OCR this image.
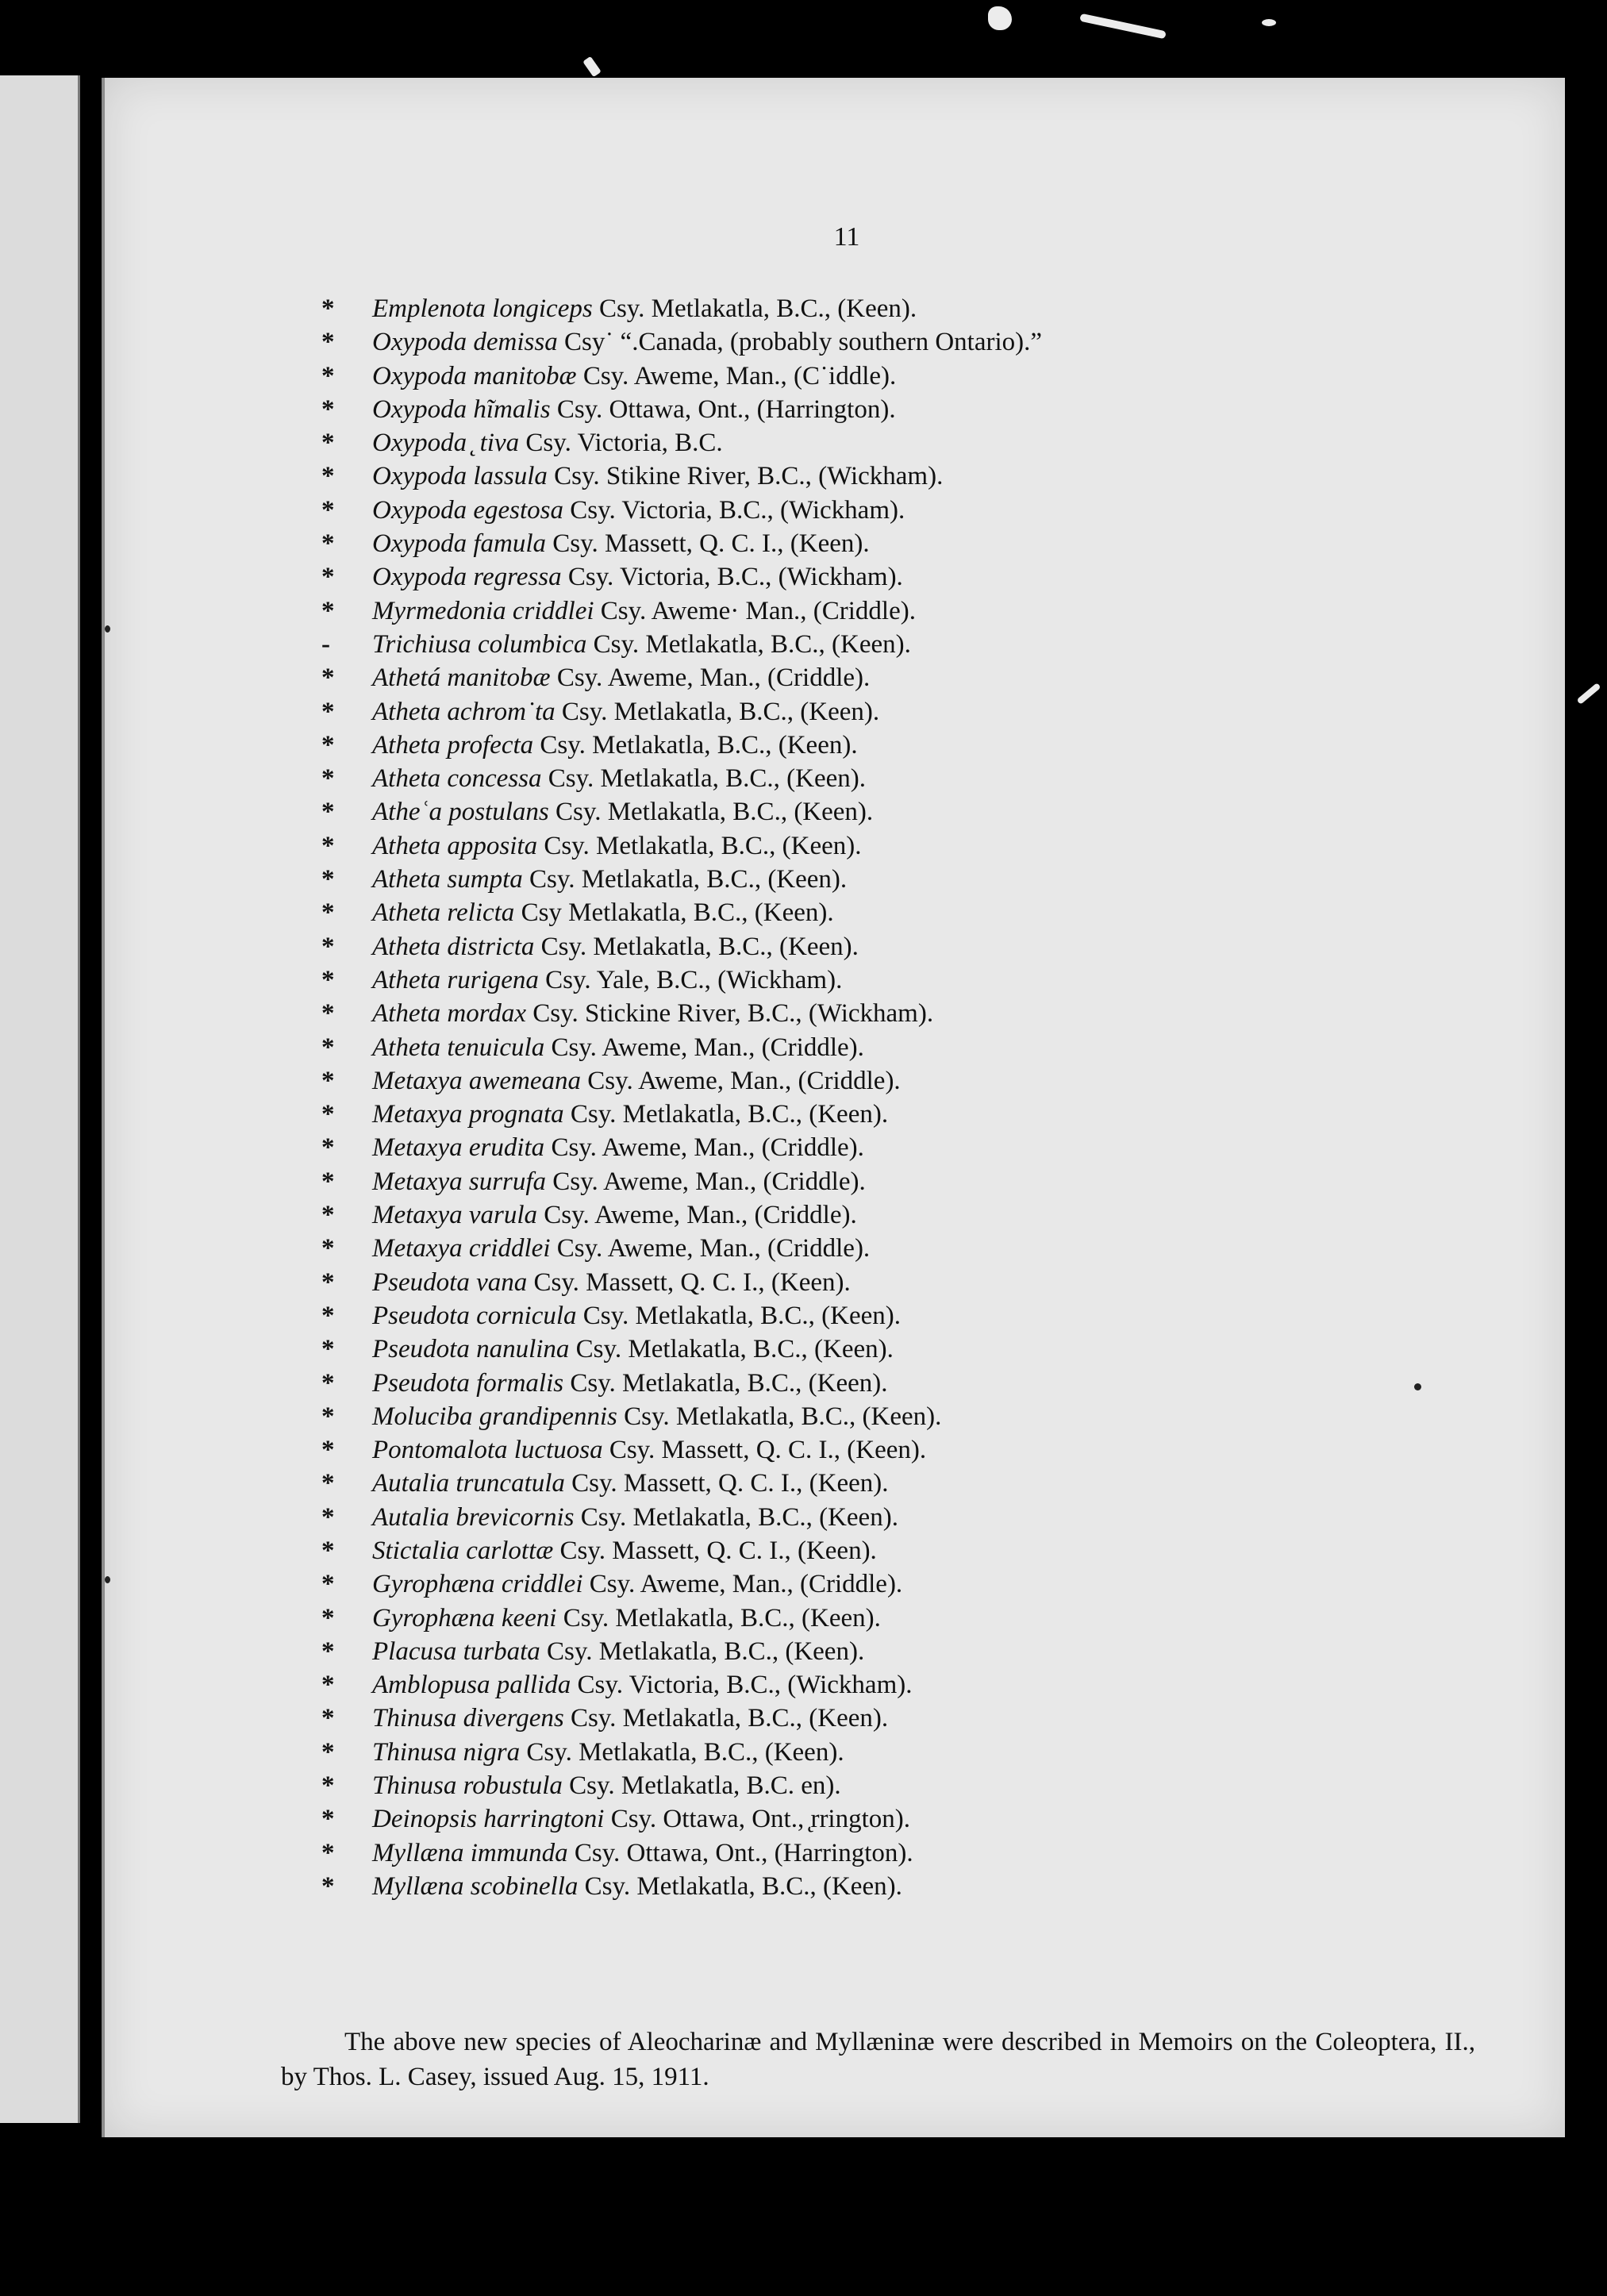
11
* Emplenota longiceps Csy. Metlakatla, B.C., (Keen).
* Oxypoda demissa Csy˙ “.Canada, (probably southern Ontario).”
* Oxypoda manitobæ Csy. Aweme, Man., (C˙iddle).
* Oxypoda hĩmalis Csy. Ottawa, Ont., (Harrington).
* Oxypoda ̨ tiva Csy. Victoria, B.C.
* Oxypoda lassula Csy. Stikine River, B.C., (Wickham).
* Oxypoda egestosa Csy. Victoria, B.C., (Wickham).
* Oxypoda famula Csy. Massett, Q. C. I., (Keen).
* Oxypoda regressa Csy. Victoria, B.C., (Wickham).
* Myrmedonia criddlei Csy. Aweme· Man., (Criddle).
- Trichiusa columbica Csy. Metlakatla, B.C., (Keen).
* Athetá manitobæ Csy. Aweme, Man., (Criddle).
* Atheta achrom˙ta Csy. Metlakatla, B.C., (Keen).
* Atheta profecta Csy. Metlakatla, B.C., (Keen).
* Atheta concessa Csy. Metlakatla, B.C., (Keen).
* Atheʿa postulans Csy. Metlakatla, B.C., (Keen).
* Atheta apposita Csy. Metlakatla, B.C., (Keen).
* Atheta sumpta Csy. Metlakatla, B.C., (Keen).
* Atheta relicta Csy Metlakatla, B.C., (Keen).
* Atheta districta Csy. Metlakatla, B.C., (Keen).
* Atheta rurigena Csy. Yale, B.C., (Wickham).
* Atheta mordax Csy. Stickine River, B.C., (Wickham).
* Atheta tenuicula Csy. Aweme, Man., (Criddle).
* Metaxya awemeana Csy. Aweme, Man., (Criddle).
* Metaxya prognata Csy. Metlakatla, B.C., (Keen).
* Metaxya erudita Csy. Aweme, Man., (Criddle).
* Metaxya surrufa Csy. Aweme, Man., (Criddle).
* Metaxya varula Csy. Aweme, Man., (Criddle).
* Metaxya criddlei Csy. Aweme, Man., (Criddle).
* Pseudota vana Csy. Massett, Q. C. I., (Keen).
* Pseudota cornicula Csy. Metlakatla, B.C., (Keen).
* Pseudota nanulina Csy. Metlakatla, B.C., (Keen).
* Pseudota formalis Csy. Metlakatla, B.C., (Keen).
* Moluciba grandipennis Csy. Metlakatla, B.C., (Keen).
* Pontomalota luctuosa Csy. Massett, Q. C. I., (Keen).
* Autalia truncatula Csy. Massett, Q. C. I., (Keen).
* Autalia brevicornis Csy. Metlakatla, B.C., (Keen).
* Stictalia carlottæ Csy. Massett, Q. C. I., (Keen).
* Gyrophæna criddlei Csy. Aweme, Man., (Criddle).
* Gyrophæna keeni Csy. Metlakatla, B.C., (Keen).
* Placusa turbata Csy. Metlakatla, B.C., (Keen).
* Amblopusa pallida Csy. Victoria, B.C., (Wickham).
* Thinusa divergens Csy. Metlakatla, B.C., (Keen).
* Thinusa nigra Csy. Metlakatla, B.C., (Keen).
* Thinusa robustula Csy. Metlakatla, B.C. en).
* Deinopsis harringtoni Csy. Ottawa, Ont., ̨rrington).
* Myllæna immunda Csy. Ottawa, Ont., (Harrington).
* Myllæna scobinella Csy. Metlakatla, B.C., (Keen).

The above new species of Aleocharinæ and Myllæninæ were described in Memoirs on the Coleoptera, II., by Thos. L. Casey, issued Aug. 15, 1911.
